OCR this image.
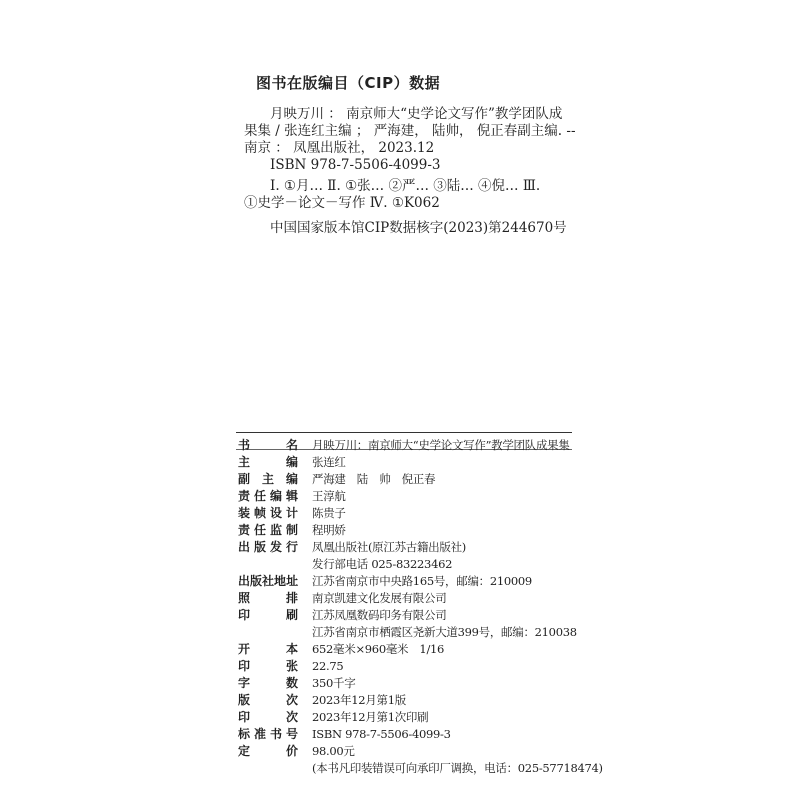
图书在版编目（CIP）数据
月映万川 ： 南京师大“史学论文写作”教学团队成
果集 / 张连红主编 ； 严海建， 陆帅， 倪正春副主编. --
南京 ： 凤凰出版社， 2023.12
ISBN 978-7-5506-4099-3
Ⅰ. ①月… Ⅱ. ①张… ②严… ③陆… ④倪… Ⅲ.
①史学－论文－写作 Ⅳ. ①K062
中国国家版本馆CIP数据核字(2023)第244670号
书	名 月映万川：南京师大“史学论文写作”教学团队成果集
主	编 张连红
副 主 编 严海建　陆　帅　倪正春
责 任 编 辑 王淳航
装 帧 设 计 陈贵子
责 任 监 制 程明娇
出 版 发 行 凤凰出版社(原江苏古籍出版社)
发行部电话 025-83223462
出 版 社 地 址 江苏省南京市中央路165号，邮编：210009
照	排 南京凯建文化发展有限公司
印	刷 江苏凤凰数码印务有限公司
江苏省南京市栖霞区尧新大道399号，邮编：210038
开	本 652毫米×960毫米　1/16
印	张 22.75
字	数 350千字
版	次 2023年12月第1版
印	次 2023年12月第1次印刷
标 准 书 号 ISBN 978-7-5506-4099-3
定	价 98.00元
(本书凡印装错误可向承印厂调换，电话：025-57718474)
